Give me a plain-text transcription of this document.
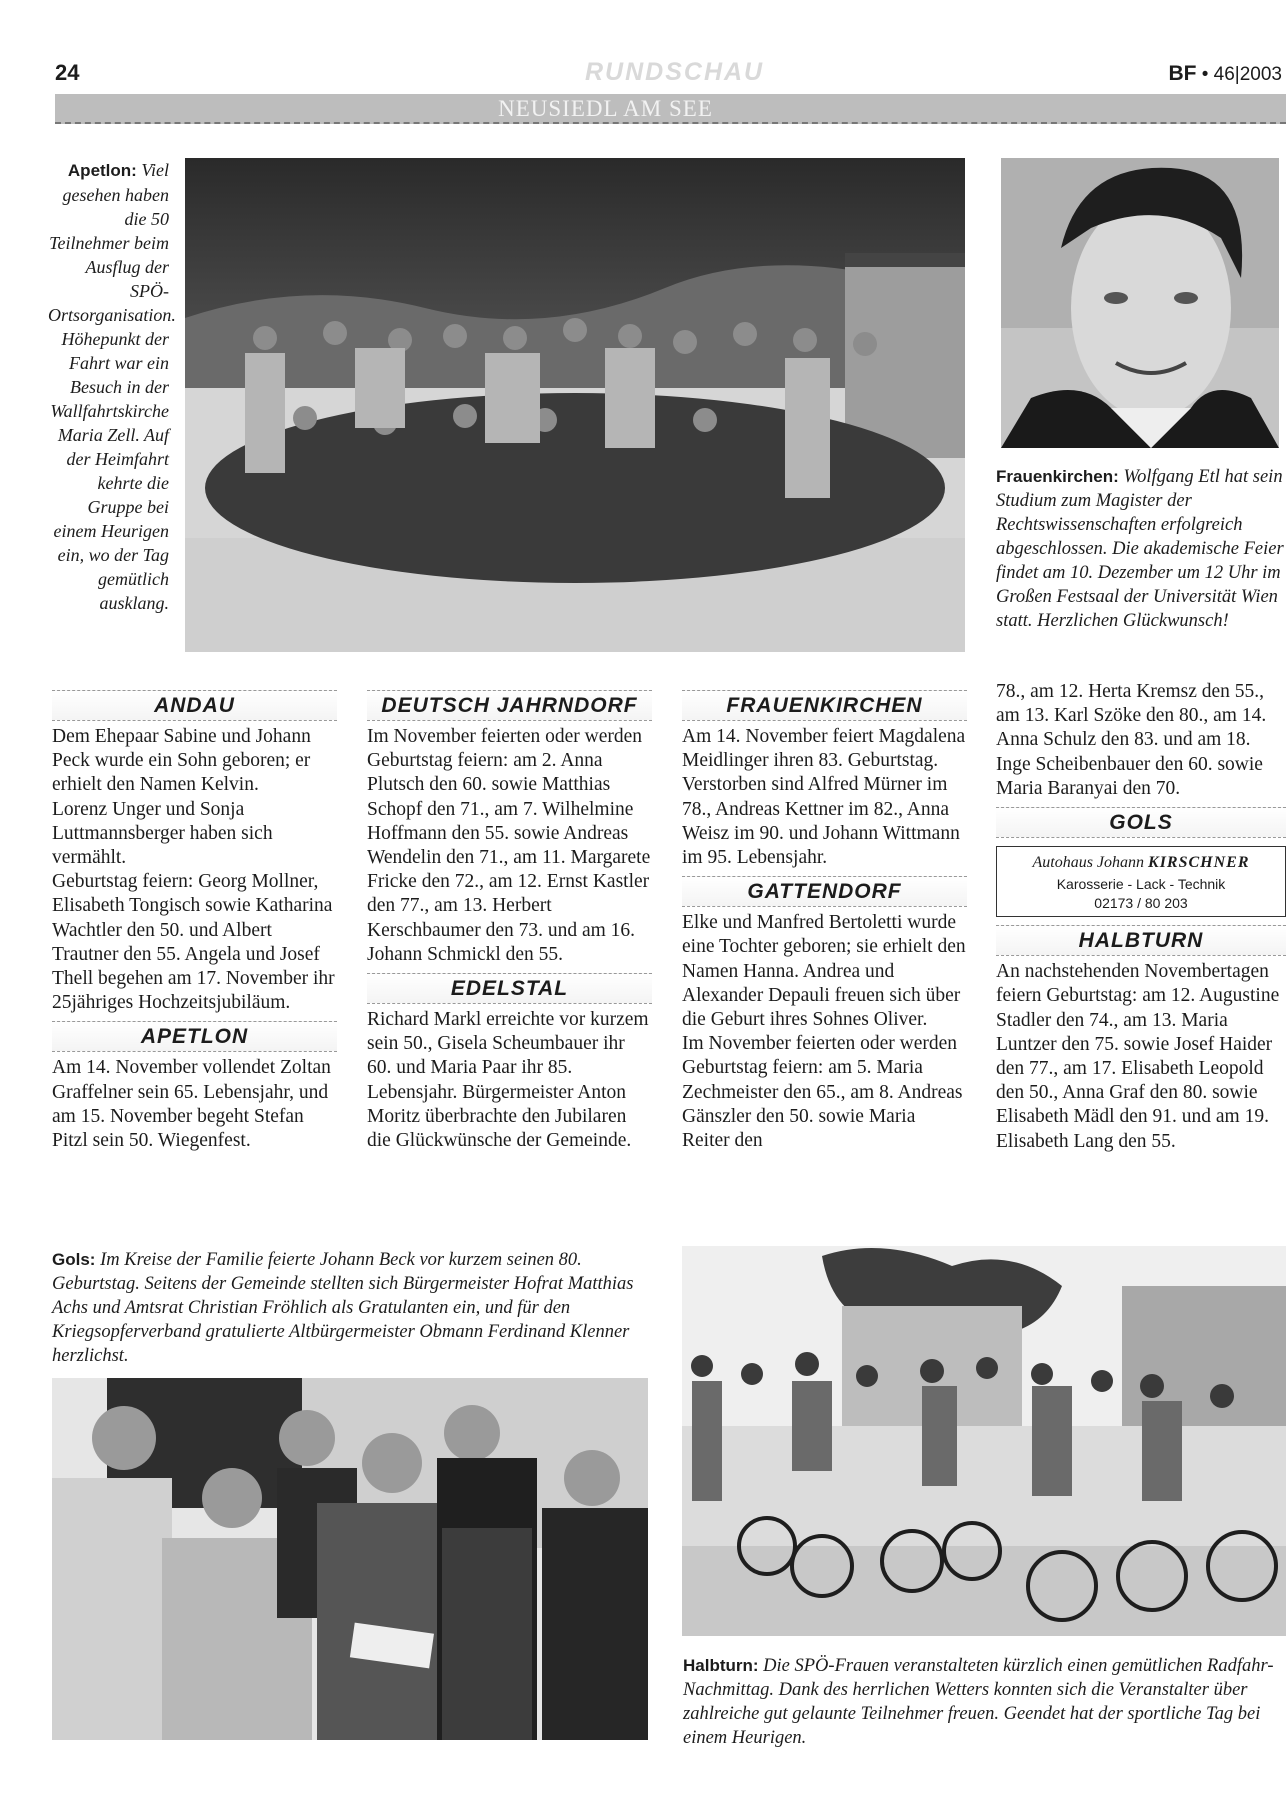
24	RUNDSCHAU	BF • 46|2003
NEUSIEDL AM SEE
Apetlon: Viel gesehen haben die 50 Teilnehmer beim Ausflug der SPÖ-Ortsorganisation. Höhepunkt der Fahrt war ein Besuch in der Wallfahrtskirche Maria Zell. Auf der Heimfahrt kehrte die Gruppe bei einem Heurigen ein, wo der Tag gemütlich ausklang.
Frauenkirchen: Wolfgang Etl hat sein Studium zum Magister der Rechtswissenschaften erfolgreich abgeschlossen. Die akademische Feier findet am 10. Dezember um 12 Uhr im Großen Festsaal der Universität Wien statt. Herzlichen Glückwunsch!
ANDAU

Dem Ehepaar Sabine und Johann Peck wurde ein Sohn geboren; er erhielt den Namen Kelvin.

Lorenz Unger und Sonja Luttmannsberger haben sich vermählt.

Geburtstag feiern: Georg Mollner, Elisabeth Tongisch sowie Katharina Wachtler den 50. und Albert Trautner den 55. Angela und Josef Thell begehen am 17. November ihr 25jähriges Hochzeitsjubiläum.

APETLON

Am 14. November vollendet Zoltan Graffelner sein 65. Lebensjahr, und am 15. November begeht Stefan Pitzl sein 50. Wiegenfest.

DEUTSCH JAHRNDORF

Im November feierten oder werden Geburtstag feiern: am 2. Anna Plutsch den 60. sowie Matthias Schopf den 71., am 7. Wilhelmine Hoffmann den 55. sowie Andreas Wendelin den 71., am 11. Margarete Fricke den 72., am 12. Ernst Kastler den 77., am 13. Herbert Kerschbaumer den 73. und am 16. Johann Schmickl den 55.

EDELSTAL

Richard Markl erreichte vor kurzem sein 50., Gisela Scheumbauer ihr 60. und Maria Paar ihr 85. Lebensjahr. Bürgermeister Anton Moritz überbrachte den Jubilaren die Glückwünsche der Gemeinde.

FRAUENKIRCHEN

Am 14. November feiert Magdalena Meidlinger ihren 83. Geburtstag.

Verstorben sind Alfred Mürner im 78., Andreas Kettner im 82., Anna Weisz im 90. und Johann Wittmann im 95. Lebensjahr.

GATTENDORF

Elke und Manfred Bertoletti wurde eine Tochter geboren; sie erhielt den Namen Hanna. Andrea und Alexander Depauli freuen sich über die Geburt ihres Sohnes Oliver.

Im November feierten oder werden Geburtstag feiern: am 5. Maria Zechmeister den 65., am 8. Andreas Gänszler den 50. sowie Maria Reiter den

78., am 12. Herta Kremsz den 55., am 13. Karl Szöke den 80., am 14. Anna Schulz den 83. und am 18. Inge Scheibenbauer den 60. sowie Maria Baranyai den 70.

GOLS
Autohaus Johann KIRSCHNER
Karosserie - Lack - Technik
02173 / 80 203
HALBTURN

An nachstehenden Novembertagen feiern Geburtstag: am 12. Augustine Stadler den 74., am 13. Maria Luntzer den 75. sowie Josef Haider den 77., am 17. Elisabeth Leopold den 50., Anna Graf den 80. sowie Elisabeth Mädl den 91. und am 19. Elisabeth Lang den 55.

Gols: Im Kreise der Familie feierte Johann Beck vor kurzem seinen 80. Geburtstag. Seitens der Gemeinde stellten sich Bürgermeister Hofrat Matthias Achs und Amtsrat Christian Fröhlich als Gratulanten ein, und für den Kriegsopferverband gratulierte Altbürgermeister Obmann Ferdinand Klenner herzlichst.
Halbturn: Die SPÖ-Frauen veranstalteten kürzlich einen gemütlichen Radfahr-Nachmittag. Dank des herrlichen Wetters konnten sich die Veranstalter über zahlreiche gut gelaunte Teilnehmer freuen. Geendet hat der sportliche Tag bei einem Heurigen.
